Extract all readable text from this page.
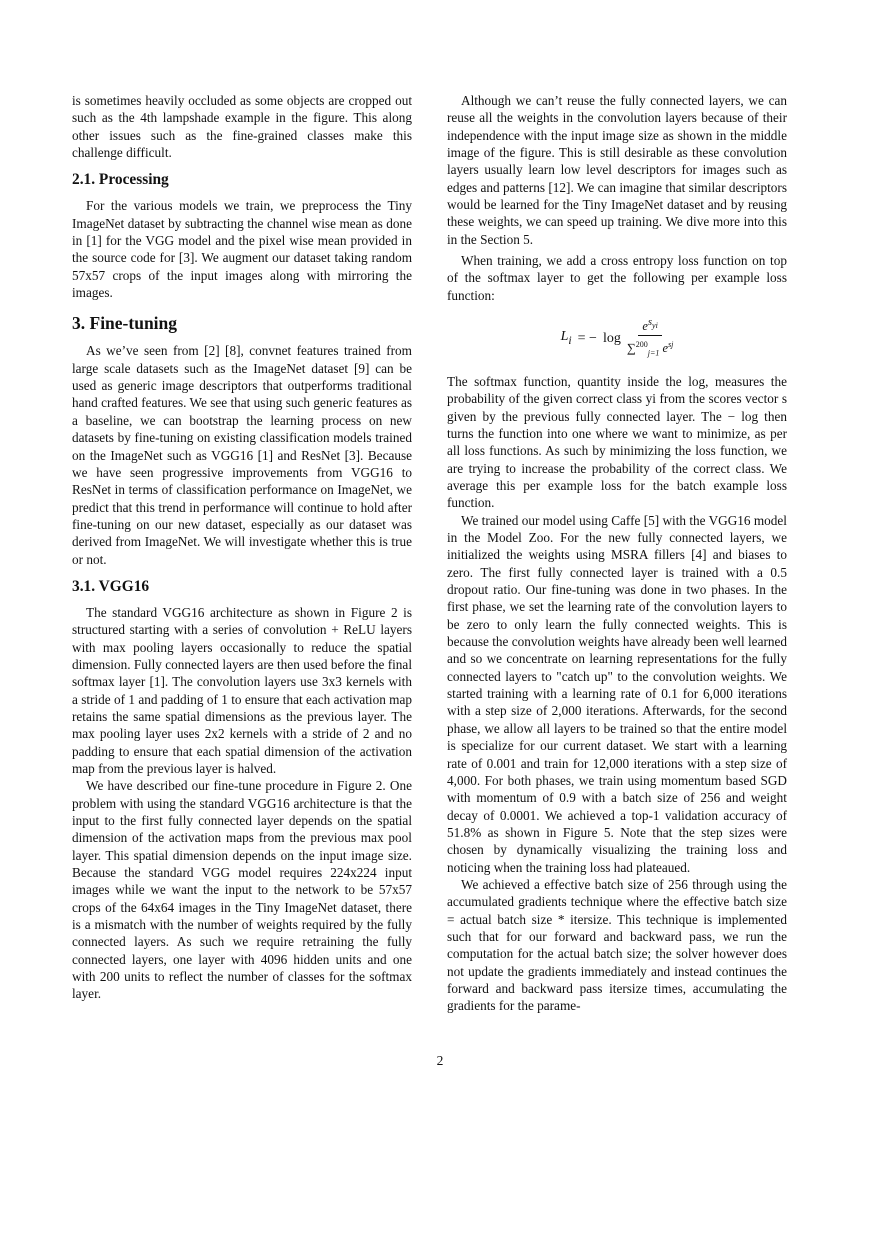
is sometimes heavily occluded as some objects are cropped out such as the 4th lampshade example in the figure. This along other issues such as the fine-grained classes make this challenge difficult.

2.1. Processing

For the various models we train, we preprocess the Tiny ImageNet dataset by subtracting the channel wise mean as done in [1] for the VGG model and the pixel wise mean provided in the source code for [3]. We augment our dataset taking random 57x57 crops of the input images along with mirroring the images.

3. Fine-tuning

As we’ve seen from [2] [8], convnet features trained from large scale datasets such as the ImageNet dataset [9] can be used as generic image descriptors that outperforms traditional hand crafted features. We see that using such generic features as a baseline, we can bootstrap the learning process on new datasets by fine-tuning on existing classification models trained on the ImageNet such as VGG16 [1] and ResNet [3]. Because we have seen progressive improvements from VGG16 to ResNet in terms of classification performance on ImageNet, we predict that this trend in performance will continue to hold after fine-tuning on our new dataset, especially as our dataset was derived from ImageNet. We will investigate whether this is true or not.

3.1. VGG16

The standard VGG16 architecture as shown in Figure 2 is structured starting with a series of convolution + ReLU layers with max pooling layers occasionally to reduce the spatial dimension. Fully connected layers are then used before the final softmax layer [1]. The convolution layers use 3x3 kernels with a stride of 1 and padding of 1 to ensure that each activation map retains the same spatial dimensions as the previous layer. The max pooling layer uses 2x2 kernels with a stride of 2 and no padding to ensure that each spatial dimension of the activation map from the previous layer is halved.

We have described our fine-tune procedure in Figure 2. One problem with using the standard VGG16 architecture is that the input to the first fully connected layer depends on the spatial dimension of the activation maps from the previous max pool layer. This spatial dimension depends on the input image size. Because the standard VGG model requires 224x224 input images while we want the input to the network to be 57x57 crops of the 64x64 images in the Tiny ImageNet dataset, there is a mismatch with the number of weights required by the fully connected layers. As such we require retraining the fully connected layers, one layer with 4096 hidden units and one with 200 units to reflect the number of classes for the softmax layer.

Although we can’t reuse the fully connected layers, we can reuse all the weights in the convolution layers because of their independence with the input image size as shown in the middle image of the figure. This is still desirable as these convolution layers usually learn low level descriptors for images such as edges and patterns [12]. We can imagine that similar descriptors would be learned for the Tiny ImageNet dataset and by reusing these weights, we can speed up training. We dive more into this in the Section 5.

When training, we add a cross entropy loss function on top of the softmax layer to get the following per example loss function:

$L_i$ = − $\log \frac{e^{s_{yi}}}{\sum^{200}_{j=1} e^{sj}}$

The softmax function, quantity inside the log, measures the probability of the given correct class yi from the scores vector s given by the previous fully connected layer. The − log then turns the function into one where we want to minimize, as per all loss functions. As such by minimizing the loss function, we are trying to increase the probability of the correct class. We average this per example loss for the batch example loss function.

We trained our model using Caffe [5] with the VGG16 model in the Model Zoo. For the new fully connected layers, we initialized the weights using MSRA fillers [4] and biases to zero. The first fully connected layer is trained with a 0.5 dropout ratio. Our fine-tuning was done in two phases. In the first phase, we set the learning rate of the convolution layers to be zero to only learn the fully connected weights. This is because the convolution weights have already been well learned and so we concentrate on learning representations for the fully connected layers to "catch up" to the convolution weights. We started training with a learning rate of 0.1 for 6,000 iterations with a step size of 2,000 iterations. Afterwards, for the second phase, we allow all layers to be trained so that the entire model is specialize for our current dataset. We start with a learning rate of 0.001 and train for 12,000 iterations with a step size of 4,000. For both phases, we train using momentum based SGD with momentum of 0.9 with a batch size of 256 and weight decay of 0.0001. We achieved a top-1 validation accuracy of 51.8% as shown in Figure 5. Note that the step sizes were chosen by dynamically visualizing the training loss and noticing when the training loss had plateaued.

We achieved a effective batch size of 256 through using the accumulated gradients technique where the effective batch size = actual batch size * itersize. This technique is implemented such that for our forward and backward pass, we run the computation for the actual batch size; the solver however does not update the gradients immediately and instead continues the forward and backward pass itersize times, accumulating the gradients for the parame-

2
